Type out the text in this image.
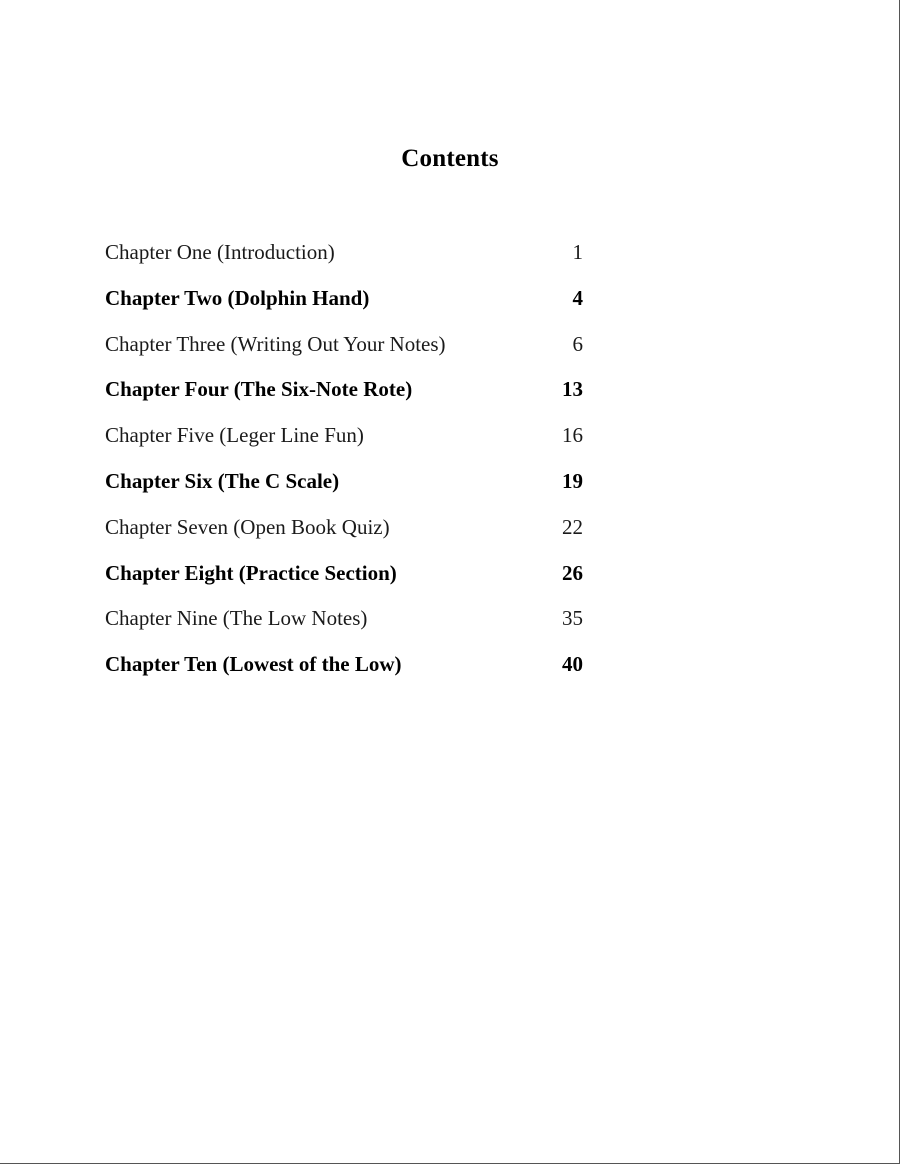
Contents
Chapter One (Introduction)	1
Chapter Two (Dolphin Hand)	4
Chapter Three (Writing Out Your Notes)	6
Chapter Four (The Six-Note Rote)	13
Chapter Five (Leger Line Fun)	16
Chapter Six (The C Scale)	19
Chapter Seven (Open Book Quiz)	22
Chapter Eight (Practice Section)	26
Chapter Nine (The Low Notes)	35
Chapter Ten (Lowest of the Low)	40
